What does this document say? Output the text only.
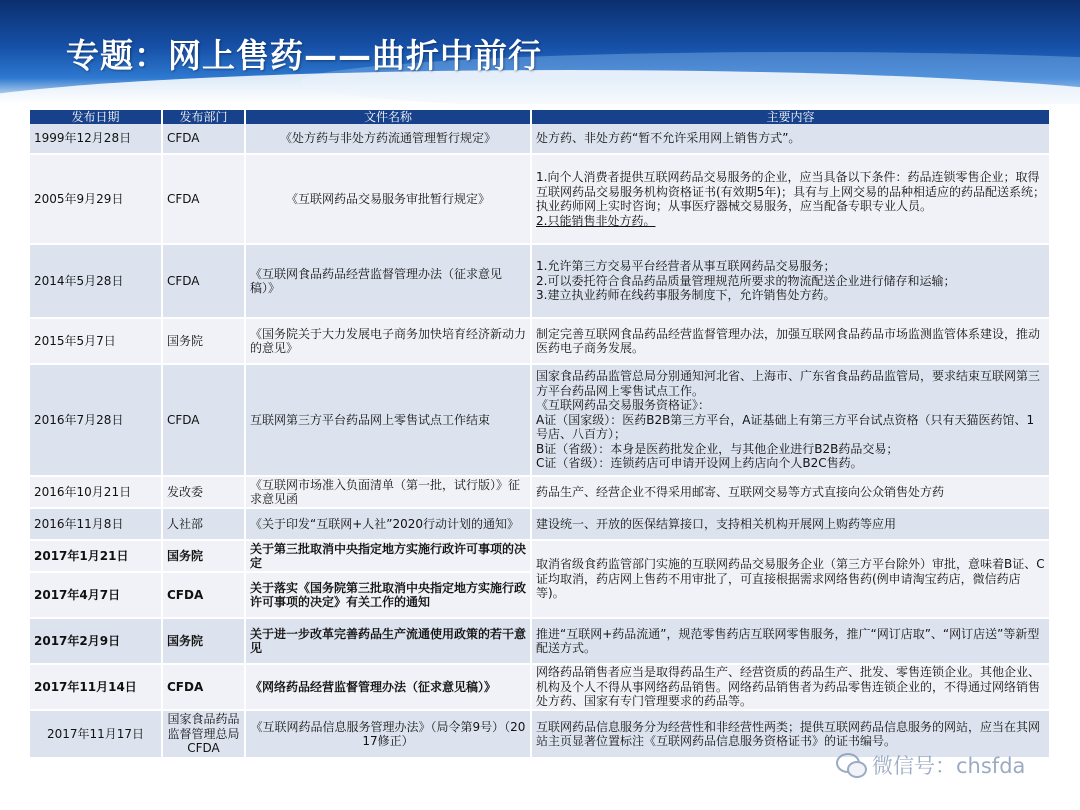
专题：网上售药——曲折中前行
发布日期	发布部门	文件名称	主要内容
1999年12月28日	CFDA	《处方药与非处方药流通管理暂行规定》	处方药、非处方药“暂不允许采用网上销售方式”。
2005年9月29日	CFDA	《互联网药品交易服务审批暂行规定》	1.向个人消费者提供互联网药品交易服务的企业，应当具备以下条件：药品连锁零售企业；取得互联网药品交易服务机构资格证书(有效期5年)；具有与上网交易的品种相适应的药品配送系统；执业药师网上实时咨询；从事医疗器械交易服务，应当配备专职专业人员。
2.只能销售非处方药。

2014年5月28日	CFDA	《互联网食品药品经营监督管理办法（征求意见稿）》	1.允许第三方交易平台经营者从事互联网药品交易服务；
2.可以委托符合食品药品质量管理规范所要求的物流配送企业进行储存和运输；
3.建立执业药师在线药事服务制度下，允许销售处方药。

2015年5月7日	国务院	《国务院关于大力发展电子商务加快培育经济新动力的意见》	制定完善互联网食品药品经营监督管理办法，加强互联网食品药品市场监测监管体系建设，推动医药电子商务发展。

2016年7月28日	CFDA	互联网第三方平台药品网上零售试点工作结束	国家食品药品监管总局分别通知河北省、上海市、广东省食品药品监管局，要求结束互联网第三方平台药品网上零售试点工作。
《互联网药品交易服务资格证》：
A证（国家级）：医药B2B第三方平台，A证基础上有第三方平台试点资格（只有天猫医药馆、1号店、八百方）；
B证（省级）：本身是医药批发企业，与其他企业进行B2B药品交易；
C证（省级）：连锁药店可申请开设网上药店向个人B2C售药。

2016年10月21日	发改委	《互联网市场准入负面清单（第一批，试行版）》征求意见函	药品生产、经营企业不得采用邮寄、互联网交易等方式直接向公众销售处方药

2016年11月8日	人社部	《关于印发“互联网+人社”2020行动计划的通知》	建设统一、开放的医保结算接口，支持相关机构开展网上购药等应用

2017年1月21日	国务院	关于第三批取消中央指定地方实施行政许可事项的决定	取消省级食药监管部门实施的互联网药品交易服务企业（第三方平台除外）审批，意味着B证、C证均取消，药店网上售药不用审批了，可直接根据需求网络售药(例申请淘宝药店，微信药店等)。

2017年4月7日	CFDA	关于落实《国务院第三批取消中央指定地方实施行政许可事项的决定》有关工作的通知	
2017年2月9日	国务院	关于进一步改革完善药品生产流通使用政策的若干意见	推进“互联网+药品流通”，规范零售药店互联网零售服务，推广“网订店取”、“网订店送”等新型配送方式。

2017年11月14日	CFDA	《网络药品经营监督管理办法（征求意见稿）》	网络药品销售者应当是取得药品生产、经营资质的药品生产、批发、零售连锁企业。其他企业、机构及个人不得从事网络药品销售。网络药品销售者为药品零售连锁企业的，不得通过网络销售处方药、国家有专门管理要求的药品等。

2017年11月17日	国家食品药品监督管理总局CFDA	《互联网药品信息服务管理办法》（局令第9号）（2017修正）	互联网药品信息服务分为经营性和非经营性两类；提供互联网药品信息服务的网站，应当在其网站主页显著位置标注《互联网药品信息服务资格证书》的证书编号。
微信号：chsfda
